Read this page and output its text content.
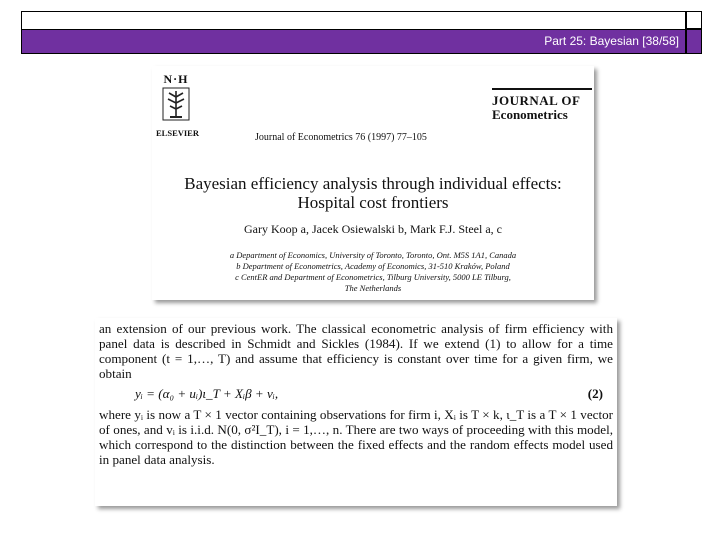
Part 25: Bayesian [38/58]
N·H
ELSEVIER	Journal of Econometrics 76 (1997) 77–105
JOURNAL OF
Econometrics
Bayesian efficiency analysis through individual effects:
Hospital cost frontiers
Gary Koop a, Jacek Osiewalski b, Mark F.J. Steel a, c
a Department of Economics, University of Toronto, Toronto, Ont. M5S 1A1, Canada
b Department of Econometrics, Academy of Economics, 31-510 Kraków, Poland
c CentER and Department of Econometrics, Tilburg University, 5000 LE Tilburg,
The Netherlands

an extension of our previous work. The classical econometric analysis of firm efficiency with panel data is described in Schmidt and Sickles (1984). If we extend (1) to allow for a time component (t = 1,…, T) and assume that efficiency is constant over time for a given firm, we obtain

yᵢ = (α₀ + uᵢ)ι_T + Xᵢβ + vᵢ,	(2)

where yᵢ is now a T × 1 vector containing observations for firm i, Xᵢ is T × k, ι_T is a T × 1 vector of ones, and vᵢ is i.i.d. N(0, σ²I_T), i = 1,…, n. There are two ways of proceeding with this model, which correspond to the distinction between the fixed effects and the random effects model used in panel data analysis.
